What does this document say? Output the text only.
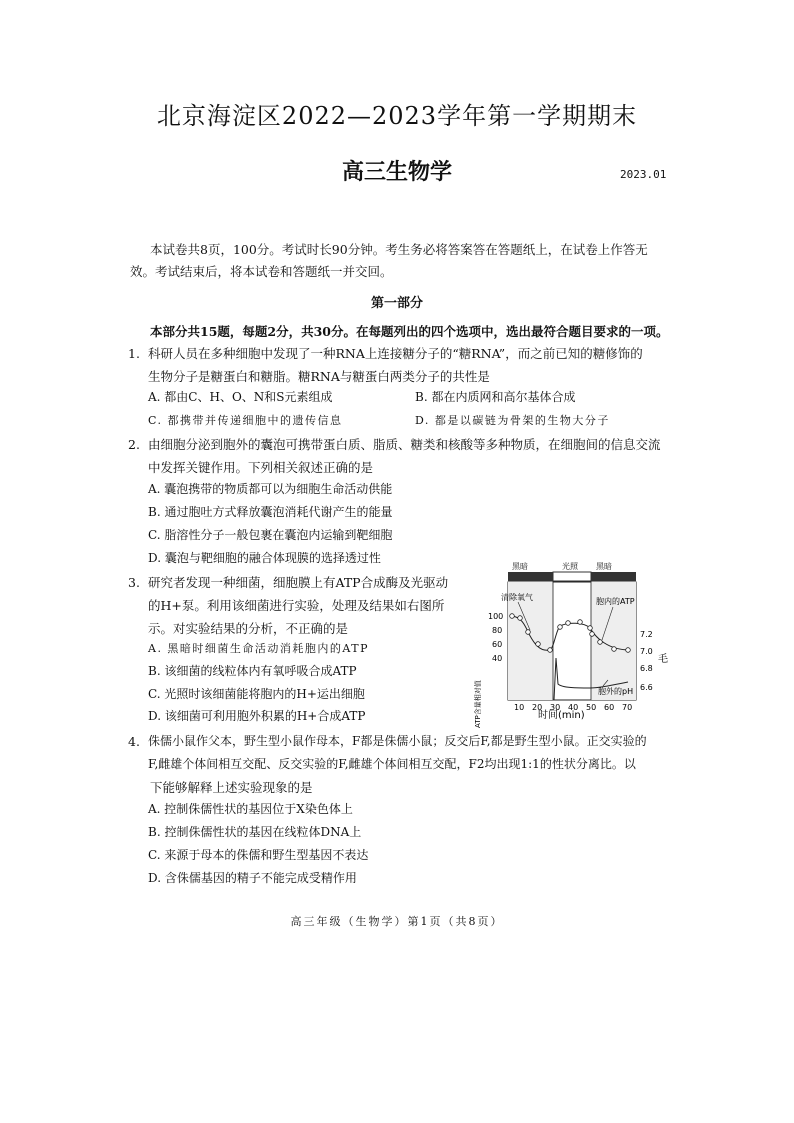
北京海淀区2022—2023学年第一学期期末
高三生物学	2023.01
本试卷共8页，100分。考试时长90分钟。考生务必将答案答在答题纸上，在试卷上作答无
效。考试结束后，将本试卷和答题纸一并交回。
第一部分
本部分共15题，每题2分，共30分。在每题列出的四个选项中，选出最符合题目要求的一项。
1. 科研人员在多种细胞中发现了一种RNA上连接糖分子的“糖RNA”，而之前已知的糖修饰的
生物分子是糖蛋白和糖脂。糖RNA与糖蛋白两类分子的共性是
A. 都由C、H、O、N和S元素组成	B. 都在内质网和高尔基体合成
C. 都携带并传递细胞中的遗传信息	D. 都是以碳链为骨架的生物大分子
2. 由细胞分泌到胞外的囊泡可携带蛋白质、脂质、糖类和核酸等多种物质，在细胞间的信息交流
中发挥关键作用。下列相关叙述正确的是
A. 囊泡携带的物质都可以为细胞生命活动供能
B. 通过胞吐方式释放囊泡消耗代谢产生的能量
C. 脂溶性分子一般包裹在囊泡内运输到靶细胞
D. 囊泡与靶细胞的融合体现膜的选择透过性
3. 研究者发现一种细菌，细胞膜上有ATP合成酶及光驱动
的H+泵。利用该细菌进行实验，处理及结果如右图所
示。对实验结果的分析，不正确的是
A. 黑暗时细菌生命活动消耗胞内的ATP
B. 该细菌的线粒体内有氧呼吸合成ATP
C. 光照时该细菌能将胞内的H+运出细胞
D. 该细菌可利用胞外积累的H+合成ATP
黑暗	光照 黑暗
100
80
60
40
7.2
7.0
6.8
6.6
毛
ATP含量相对值	10 20 30 40 50 60 70
时间(min)
清除氧气	胞内的ATP
胞外的pH
4. 侏儒小鼠作父本，野生型小鼠作母本，F都是侏儒小鼠；反交后F,都是野生型小鼠。正交实验的
F,雌雄个体间相互交配、反交实验的F,雌雄个体间相互交配，F2均出现1:1的性状分离比。以
下能够解释上述实验现象的是
A. 控制侏儒性状的基因位于X染色体上
B. 控制侏儒性状的基因在线粒体DNA上
C. 来源于母本的侏儒和野生型基因不表达
D. 含侏儒基因的精子不能完成受精作用
高三年级（生物学）第1页（共8页）
